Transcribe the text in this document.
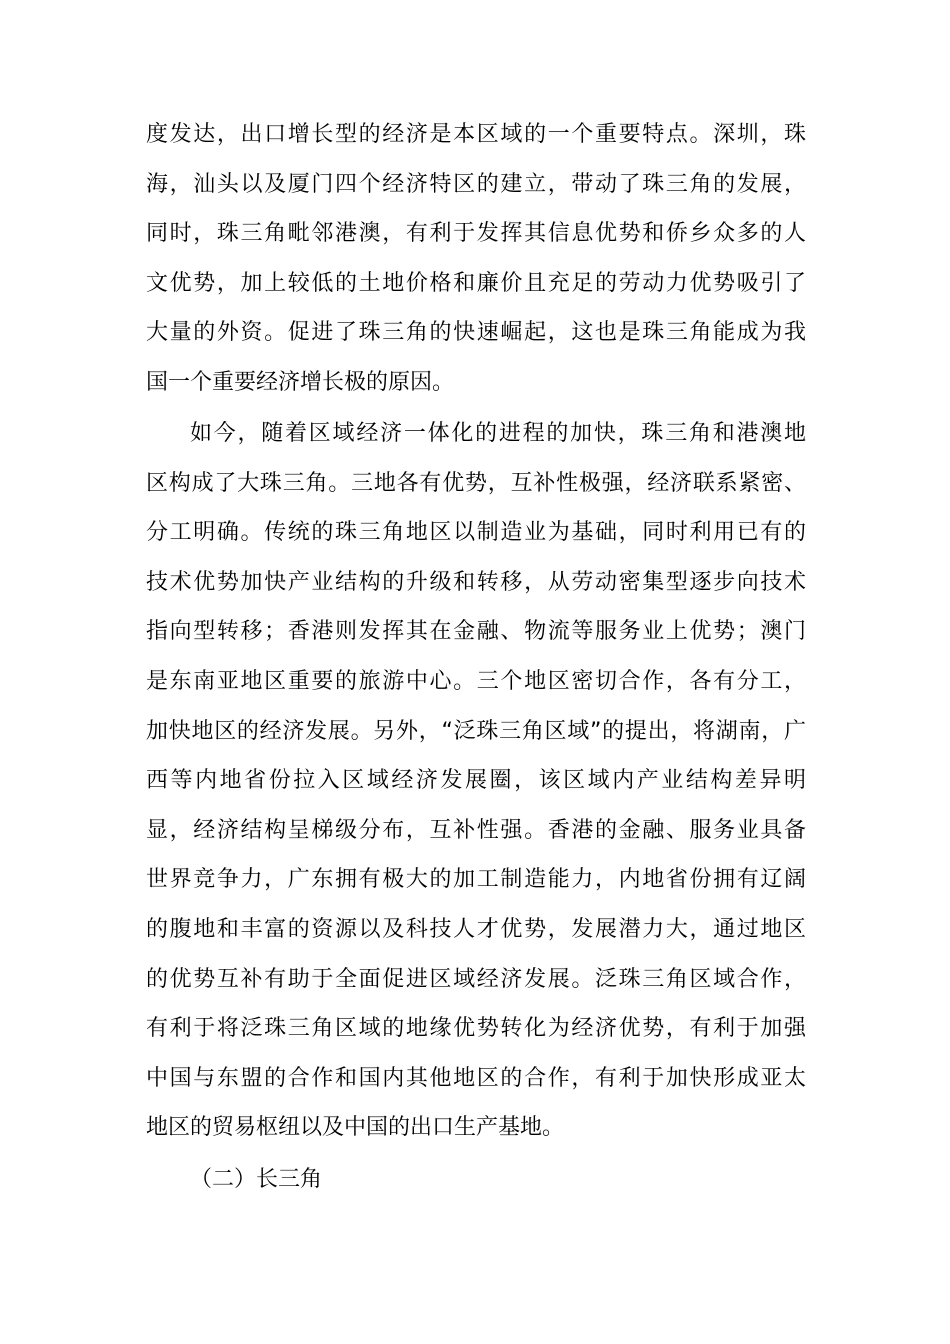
度发达，出口增长型的经济是本区域的一个重要特点。深圳，珠
海，汕头以及厦门四个经济特区的建立，带动了珠三角的发展，
同时，珠三角毗邻港澳，有利于发挥其信息优势和侨乡众多的人
文优势，加上较低的土地价格和廉价且充足的劳动力优势吸引了
大量的外资。促进了珠三角的快速崛起，这也是珠三角能成为我
国一个重要经济增长极的原因。
如今，随着区域经济一体化的进程的加快，珠三角和港澳地
区构成了大珠三角。三地各有优势，互补性极强，经济联系紧密、
分工明确。传统的珠三角地区以制造业为基础，同时利用已有的
技术优势加快产业结构的升级和转移，从劳动密集型逐步向技术
指向型转移；香港则发挥其在金融、物流等服务业上优势；澳门
是东南亚地区重要的旅游中心。三个地区密切合作，各有分工，
加快地区的经济发展。另外，“泛珠三角区域”的提出，将湖南，广
西等内地省份拉入区域经济发展圈，该区域内产业结构差异明
显，经济结构呈梯级分布，互补性强。香港的金融、服务业具备
世界竞争力，广东拥有极大的加工制造能力，内地省份拥有辽阔
的腹地和丰富的资源以及科技人才优势，发展潜力大，通过地区
的优势互补有助于全面促进区域经济发展。泛珠三角区域合作，
有利于将泛珠三角区域的地缘优势转化为经济优势，有利于加强
中国与东盟的合作和国内其他地区的合作，有利于加快形成亚太
地区的贸易枢纽以及中国的出口生产基地。
（二）长三角
